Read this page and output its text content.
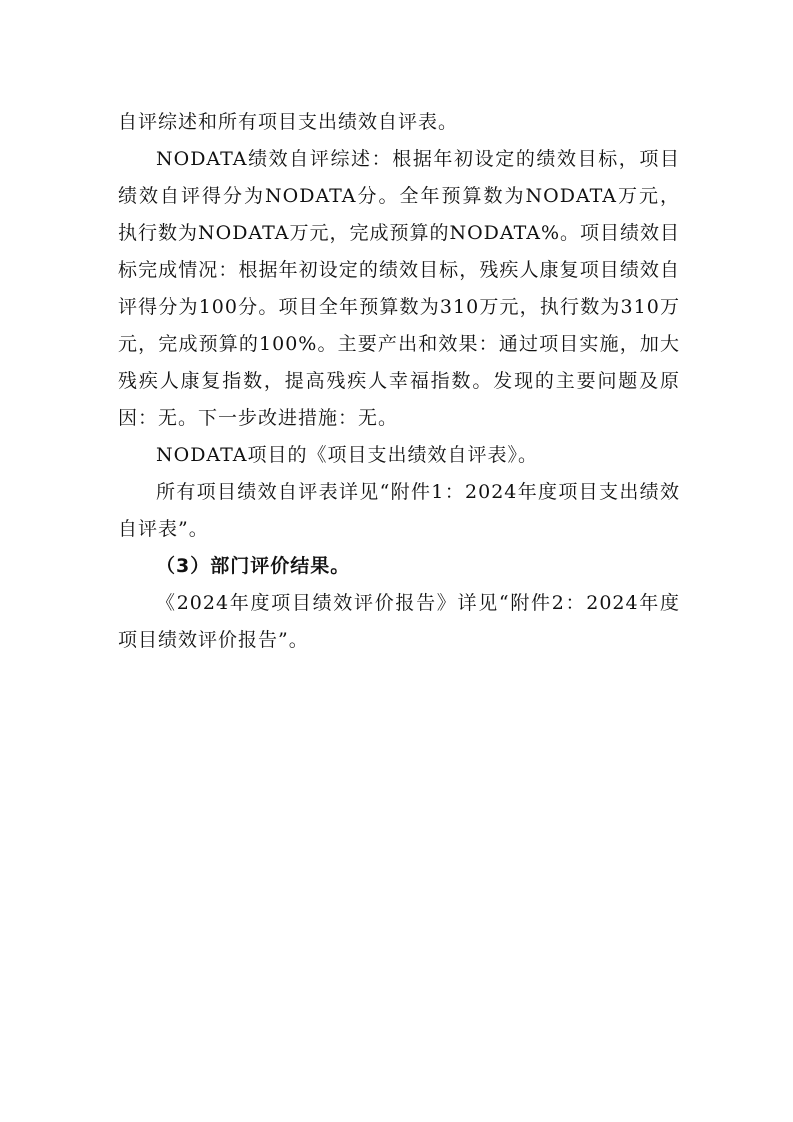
自评综述和所有项目支出绩效自评表。

NODATA绩效自评综述：根据年初设定的绩效目标，项目绩效自评得分为NODATA分。全年预算数为NODATA万元，执行数为NODATA万元，完成预算的NODATA%。项目绩效目标完成情况：根据年初设定的绩效目标，残疾人康复项目绩效自评得分为100分。项目全年预算数为310万元，执行数为310万元，完成预算的100%。主要产出和效果：通过项目实施，加大残疾人康复指数，提高残疾人幸福指数。发现的主要问题及原因：无。下一步改进措施：无。

NODATA项目的《项目支出绩效自评表》。

所有项目绩效自评表详见“附件1：2024年度项目支出绩效自评表”。

（3）部门评价结果。

《2024年度项目绩效评价报告》详见“附件2：2024年度项目绩效评价报告”。
